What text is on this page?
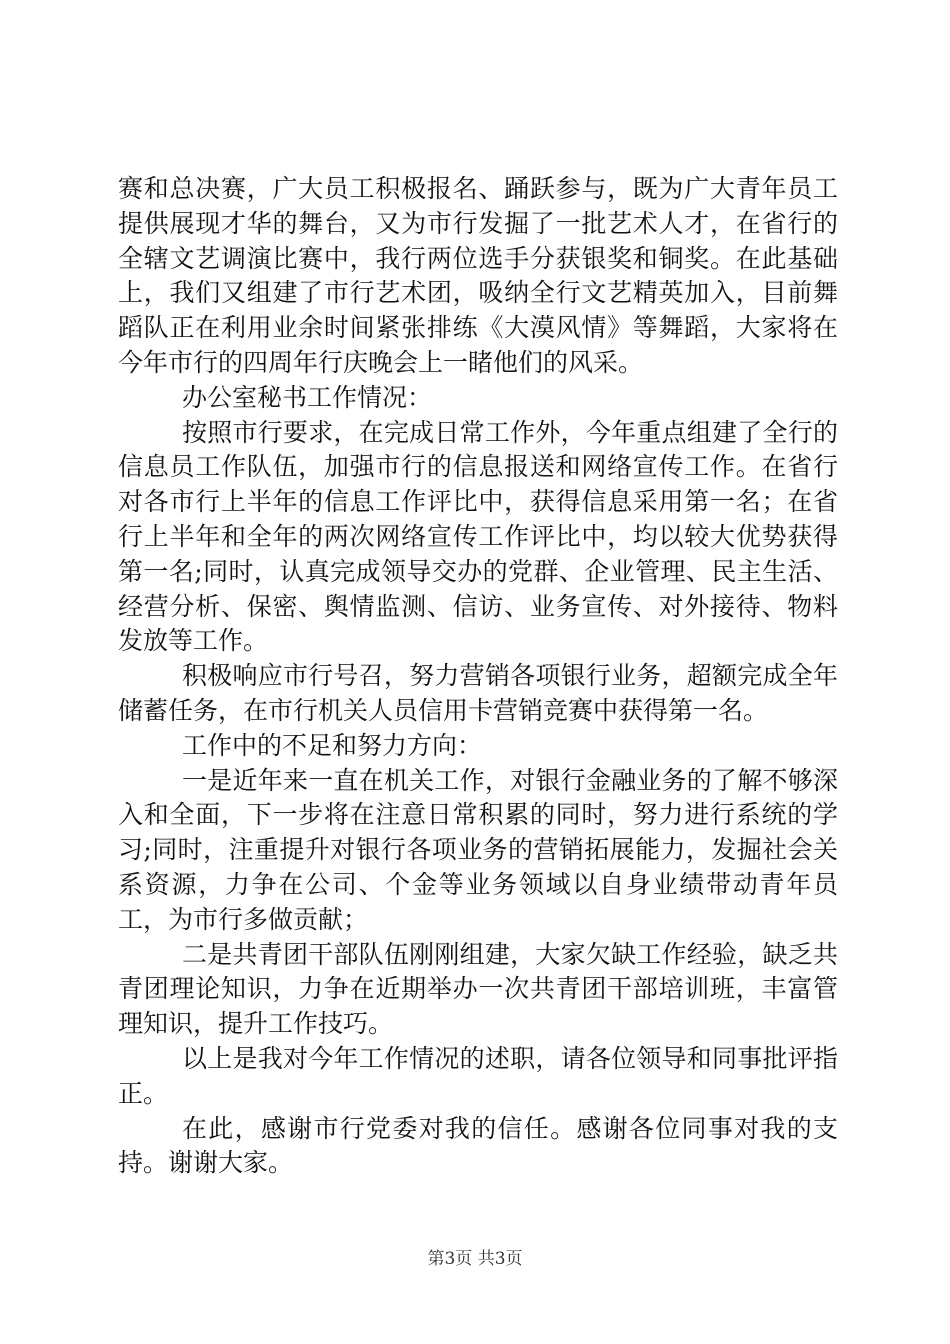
赛和总决赛，广大员工积极报名、踊跃参与，既为广大青年员工提供展现才华的舞台，又为市行发掘了一批艺术人才，在省行的全辖文艺调演比赛中，我行两位选手分获银奖和铜奖。在此基础上，我们又组建了市行艺术团，吸纳全行文艺精英加入，目前舞蹈队正在利用业余时间紧张排练《大漠风情》等舞蹈，大家将在今年市行的四周年行庆晚会上一睹他们的风采。

办公室秘书工作情况：

按照市行要求，在完成日常工作外，今年重点组建了全行的信息员工作队伍，加强市行的信息报送和网络宣传工作。在省行对各市行上半年的信息工作评比中，获得信息采用第一名；在省行上半年和全年的两次网络宣传工作评比中，均以较大优势获得第一名;同时，认真完成领导交办的党群、企业管理、民主生活、经营分析、保密、舆情监测、信访、业务宣传、对外接待、物料发放等工作。

积极响应市行号召，努力营销各项银行业务，超额完成全年储蓄任务，在市行机关人员信用卡营销竞赛中获得第一名。

工作中的不足和努力方向：

一是近年来一直在机关工作，对银行金融业务的了解不够深入和全面，下一步将在注意日常积累的同时，努力进行系统的学习;同时，注重提升对银行各项业务的营销拓展能力，发掘社会关系资源，力争在公司、个金等业务领域以自身业绩带动青年员工，为市行多做贡献；

二是共青团干部队伍刚刚组建，大家欠缺工作经验，缺乏共青团理论知识，力争在近期举办一次共青团干部培训班，丰富管理知识，提升工作技巧。

以上是我对今年工作情况的述职，请各位领导和同事批评指正。

在此，感谢市行党委对我的信任。感谢各位同事对我的支持。谢谢大家。

第3页 共3页
